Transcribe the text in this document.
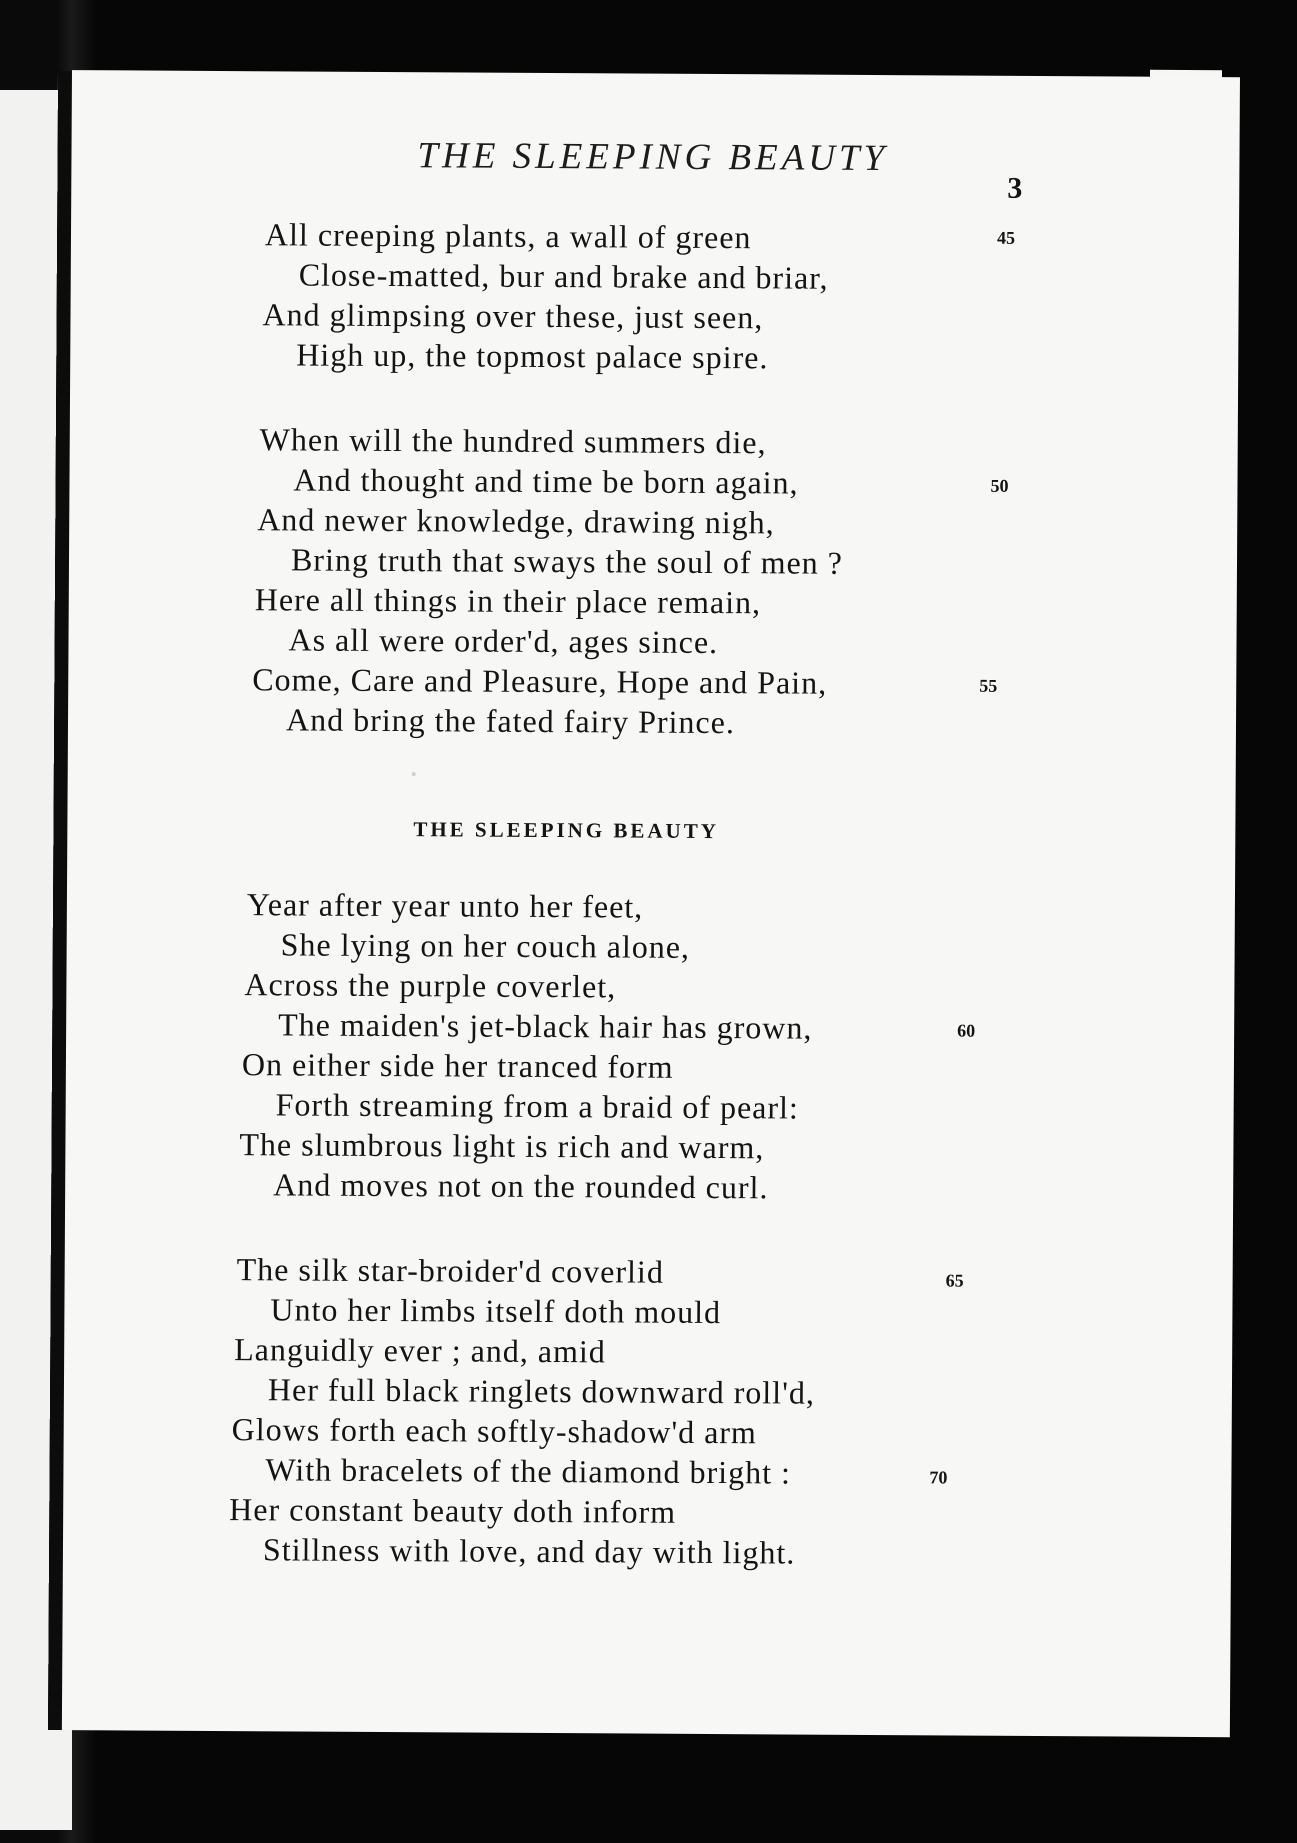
THE SLEEPING BEAUTY
3
All creeping plants, a wall of green	45
Close-matted, bur and brake and briar,
And glimpsing over these, just seen,
High up, the topmost palace spire.
When will the hundred summers die,
And thought and time be born again,	50
And newer knowledge, drawing nigh,
Bring truth that sways the soul of men ?
Here all things in their place remain,
As all were order'd, ages since.
Come, Care and Pleasure, Hope and Pain,	55
And bring the fated fairy Prince.
THE SLEEPING BEAUTY
Year after year unto her feet,
She lying on her couch alone,
Across the purple coverlet,
The maiden's jet-black hair has grown,	60
On either side her tranced form
Forth streaming from a braid of pearl:
The slumbrous light is rich and warm,
And moves not on the rounded curl.
The silk star-broider'd coverlid	65
Unto her limbs itself doth mould
Languidly ever ; and, amid
Her full black ringlets downward roll'd,
Glows forth each softly-shadow'd arm
With bracelets of the diamond bright :	70
Her constant beauty doth inform
Stillness with love, and day with light.
